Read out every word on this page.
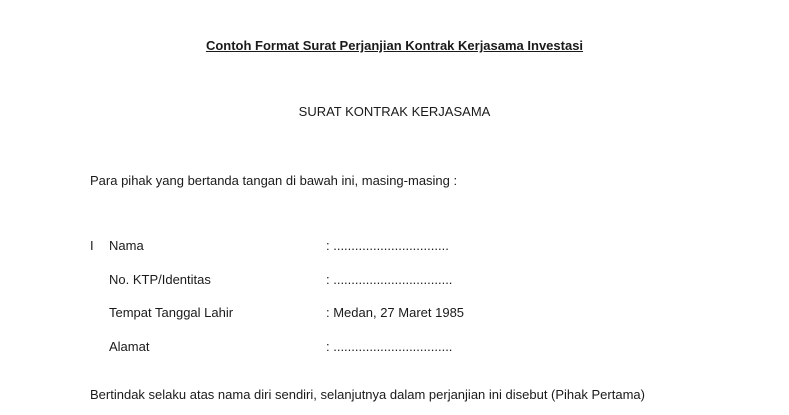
Contoh Format Surat Perjanjian Kontrak Kerjasama Investasi
SURAT KONTRAK KERJASAMA
Para pihak yang bertanda tangan di bawah ini, masing-masing :
I Nama	: ................................
No. KTP/Identitas	: .................................
Tempat Tanggal Lahir	: Medan, 27 Maret 1985
Alamat	: .................................
Bertindak selaku atas nama diri sendiri, selanjutnya dalam perjanjian ini disebut (Pihak Pertama)
